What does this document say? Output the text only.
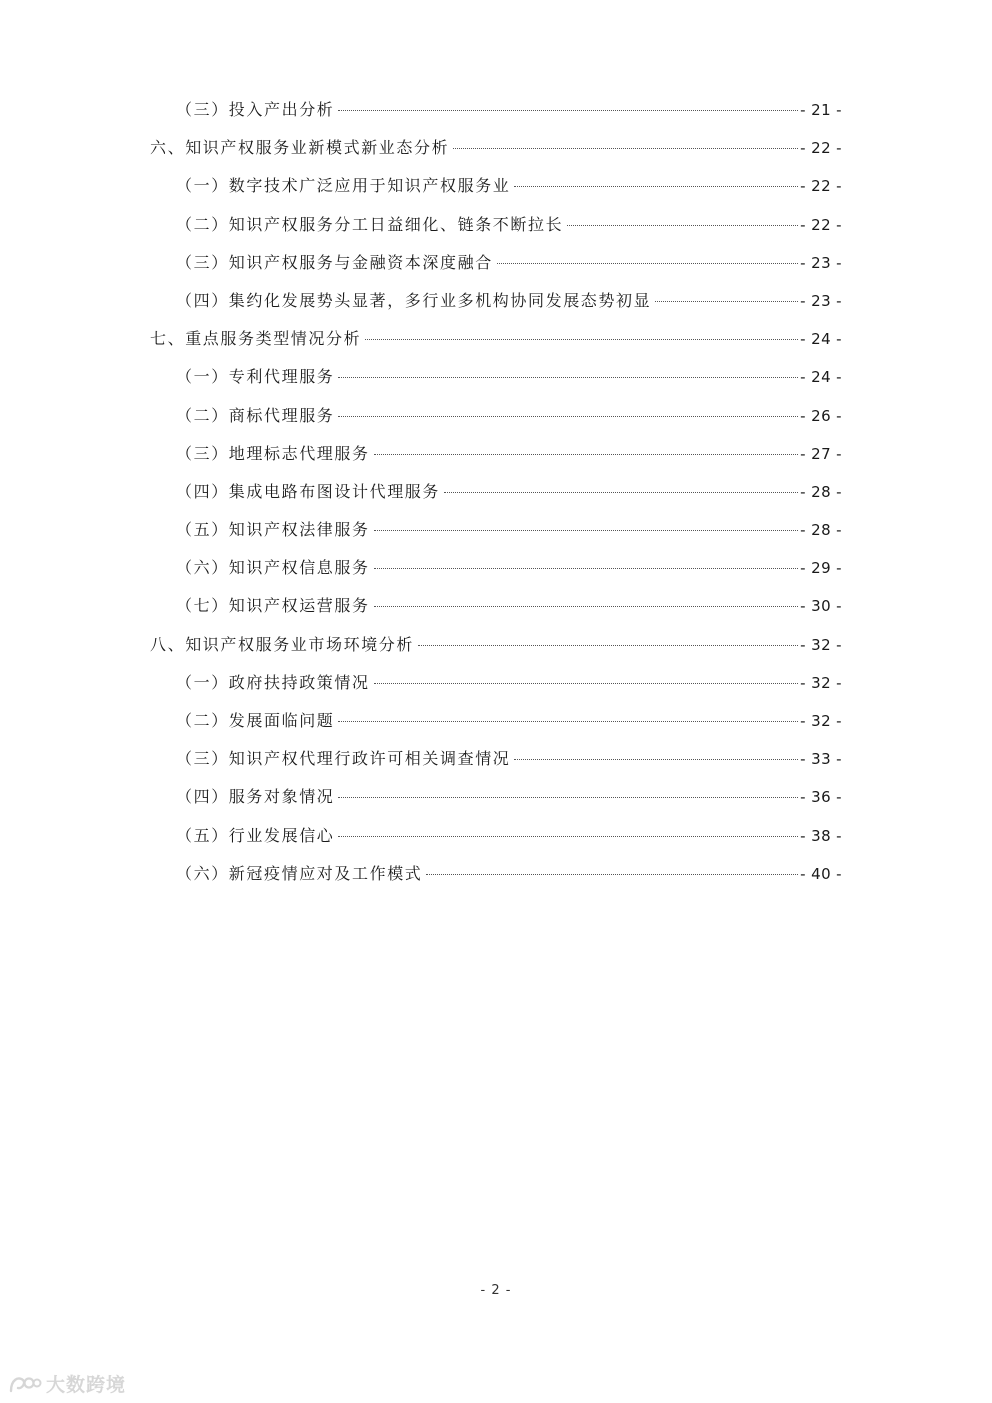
（三）投入产出分析	- 21 -
六、知识产权服务业新模式新业态分析	- 22 -
（一）数字技术广泛应用于知识产权服务业	- 22 -
（二）知识产权服务分工日益细化、链条不断拉长	- 22 -
（三）知识产权服务与金融资本深度融合	- 23 -
（四）集约化发展势头显著，多行业多机构协同发展态势初显	- 23 -
七、重点服务类型情况分析	- 24 -
（一）专利代理服务	- 24 -
（二）商标代理服务	- 26 -
（三）地理标志代理服务	- 27 -
（四）集成电路布图设计代理服务	- 28 -
（五）知识产权法律服务	- 28 -
（六）知识产权信息服务	- 29 -
（七）知识产权运营服务	- 30 -
八、知识产权服务业市场环境分析	- 32 -
（一）政府扶持政策情况	- 32 -
（二）发展面临问题	- 32 -
（三）知识产权代理行政许可相关调查情况	- 33 -
（四）服务对象情况	- 36 -
（五）行业发展信心	- 38 -
（六）新冠疫情应对及工作模式	- 40 -
- 2 -
大数跨境
